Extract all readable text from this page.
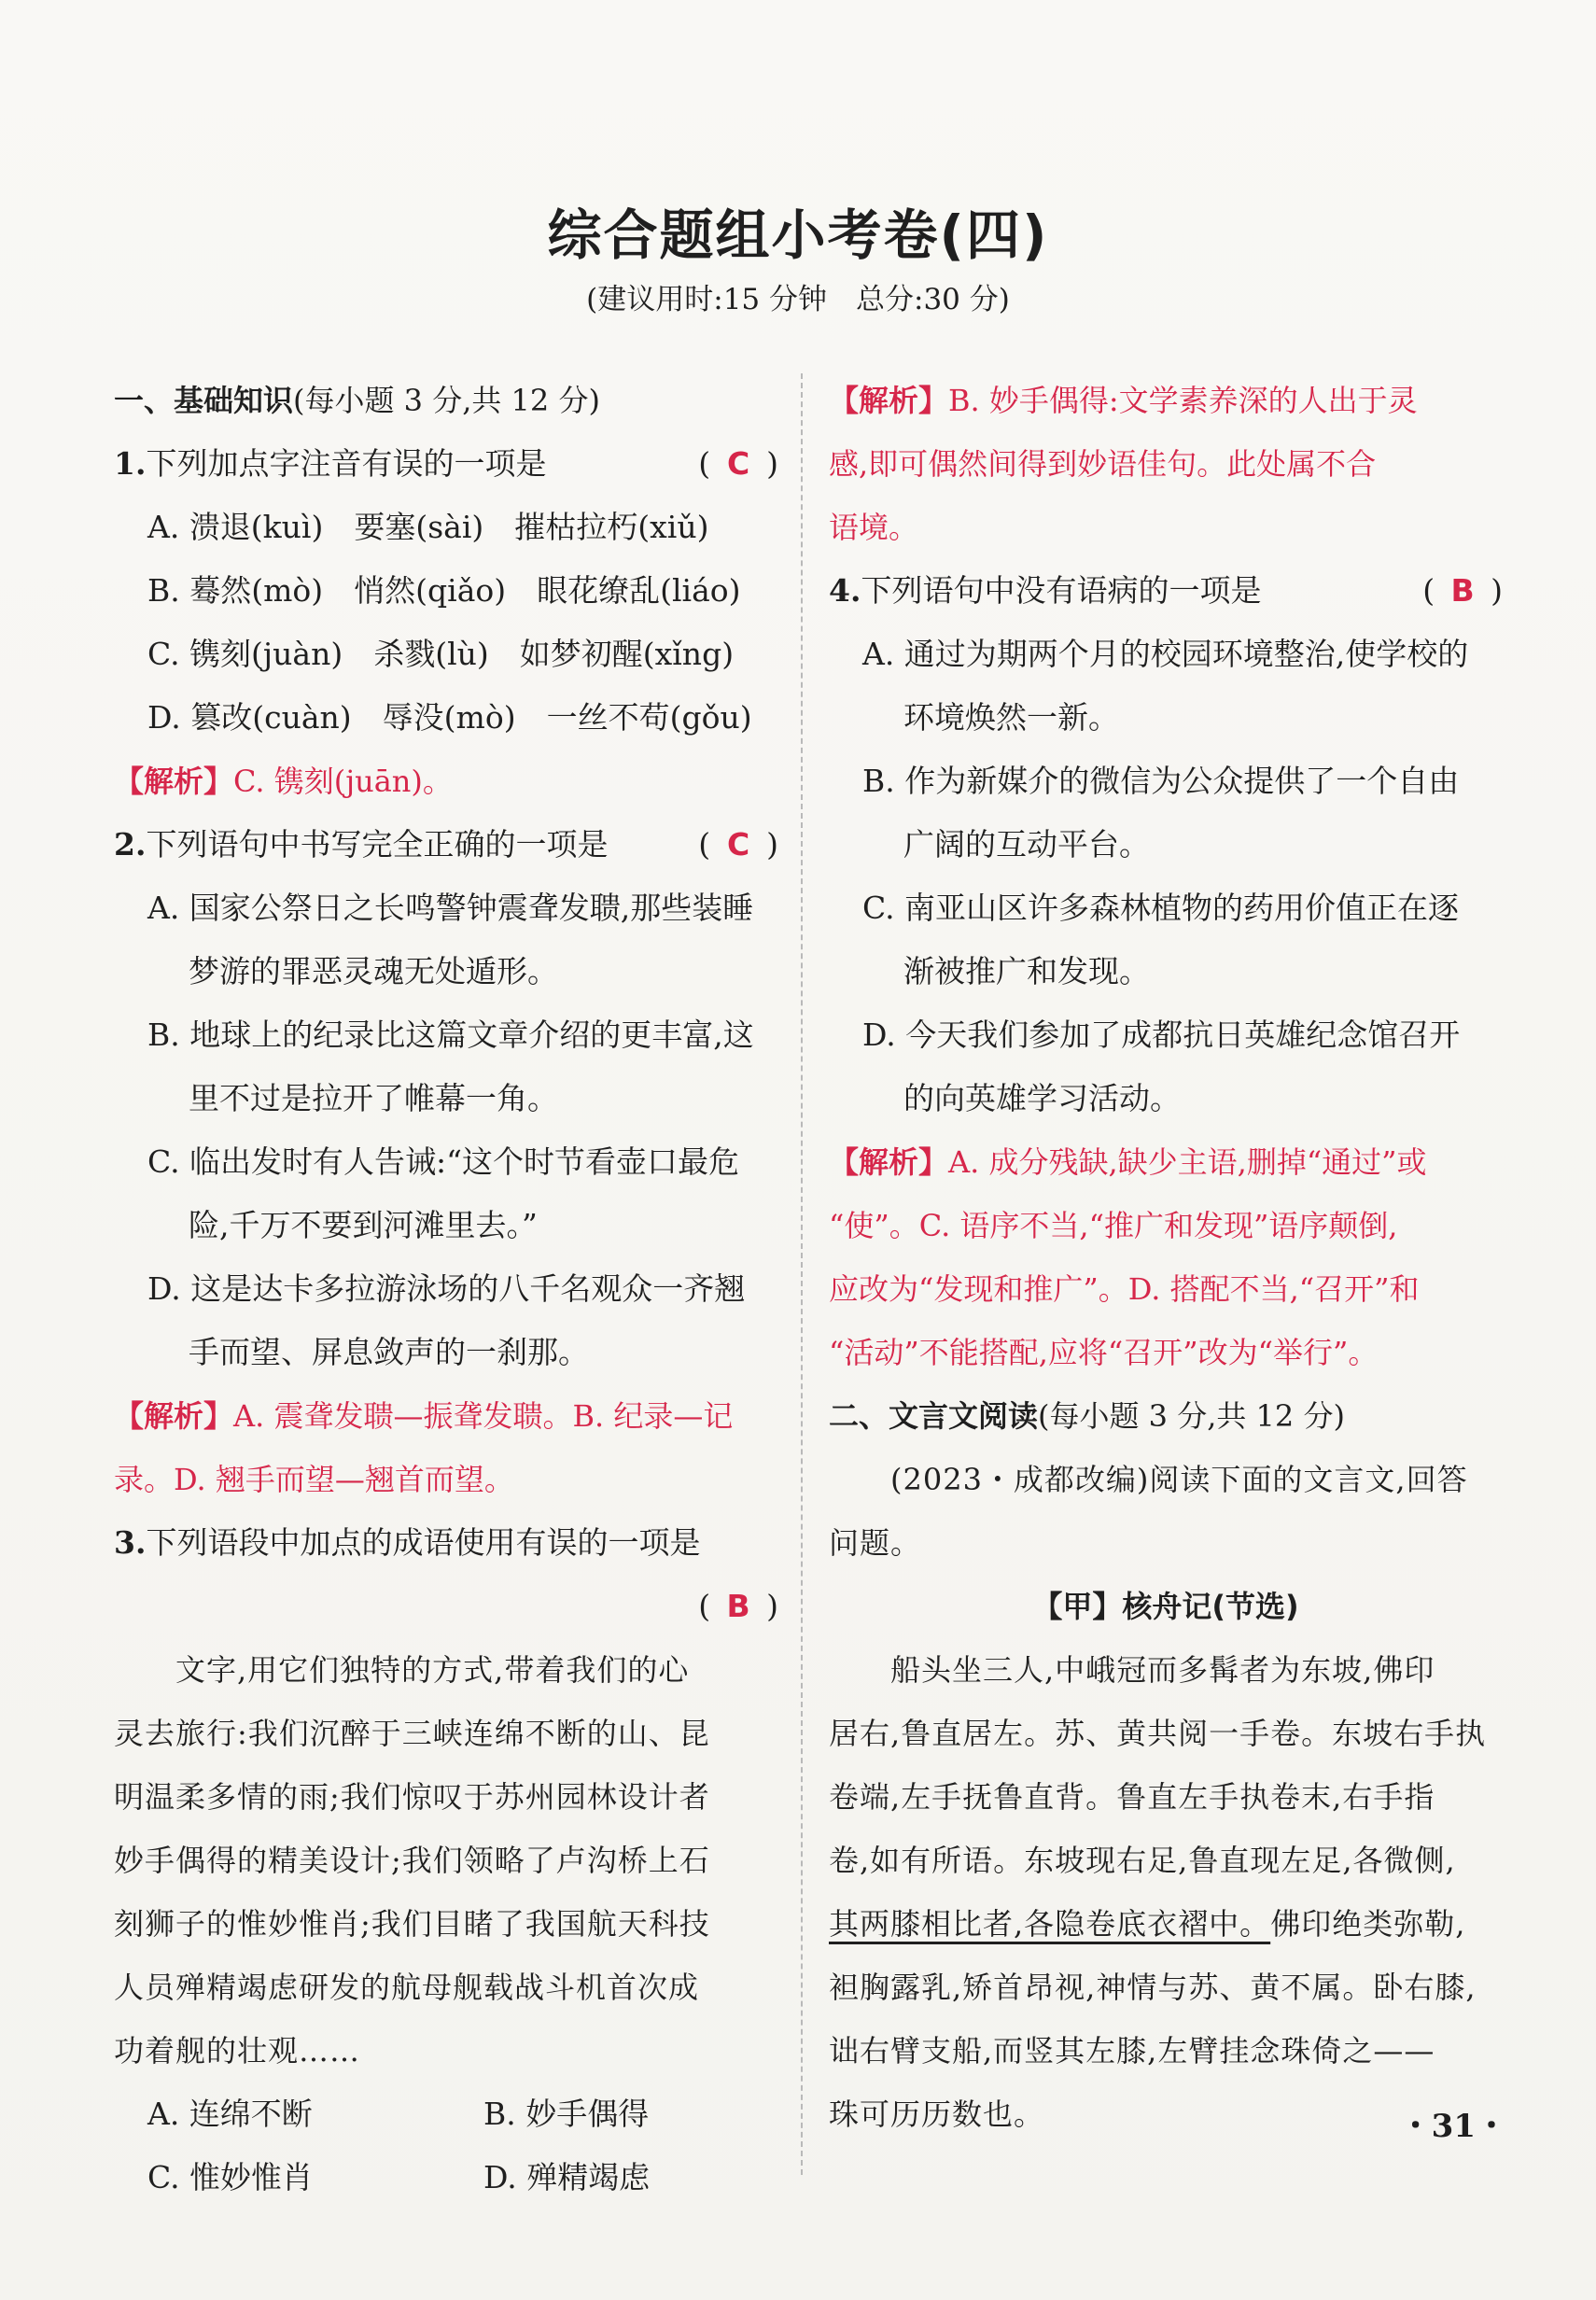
综合题组小考卷(四)
(建议用时:15 分钟　总分:30 分)
一、基础知识(每小题 3 分,共 12 分)
1.下列加点字注音有误的一项是	( C )
A. 溃退(kuì)　要塞(sài)　摧枯拉朽(xiǔ)
B. 蓦然(mò)　悄然(qiǎo)　眼花缭乱(liáo)
C. 镌刻(juàn)　杀戮(lù)　如梦初醒(xǐng)
D. 篡改(cuàn)　辱没(mò)　一丝不苟(gǒu)
【解析】C. 镌刻(juān)。
2.下列语句中书写完全正确的一项是	( C )
A. 国家公祭日之长鸣警钟震聋发聩,那些装睡
梦游的罪恶灵魂无处遁形。
B. 地球上的纪录比这篇文章介绍的更丰富,这
里不过是拉开了帷幕一角。
C. 临出发时有人告诫:“这个时节看壶口最危
险,千万不要到河滩里去。”
D. 这是达卡多拉游泳场的八千名观众一齐翘
手而望、屏息敛声的一刹那。
【解析】A. 震聋发聩—振聋发聩。B. 纪录—记
录。D. 翘手而望—翘首而望。
3.下列语段中加点的成语使用有误的一项是

( B )
文字,用它们独特的方式,带着我们的心
灵去旅行:我们沉醉于三峡连绵不断的山、昆
明温柔多情的雨;我们惊叹于苏州园林设计者
妙手偶得的精美设计;我们领略了卢沟桥上石
刻狮子的惟妙惟肖;我们目睹了我国航天科技
人员殚精竭虑研发的航母舰载战斗机首次成
功着舰的壮观……
A. 连绵不断	B. 妙手偶得
C. 惟妙惟肖	D. 殚精竭虑
【解析】B. 妙手偶得:文学素养深的人出于灵
感,即可偶然间得到妙语佳句。此处属不合
语境。
4.下列语句中没有语病的一项是	( B )
A. 通过为期两个月的校园环境整治,使学校的
环境焕然一新。
B. 作为新媒介的微信为公众提供了一个自由
广阔的互动平台。
C. 南亚山区许多森林植物的药用价值正在逐
渐被推广和发现。
D. 今天我们参加了成都抗日英雄纪念馆召开
的向英雄学习活动。
【解析】A. 成分残缺,缺少主语,删掉“通过”或
“使”。C. 语序不当,“推广和发现”语序颠倒,
应改为“发现和推广”。D. 搭配不当,“召开”和
“活动”不能搭配,应将“召开”改为“举行”。
二、文言文阅读(每小题 3 分,共 12 分)
(2023・成都改编)阅读下面的文言文,回答
问题。
【甲】核舟记(节选)
船头坐三人,中峨冠而多髯者为东坡,佛印
居右,鲁直居左。苏、黄共阅一手卷。东坡右手执
卷端,左手抚鲁直背。鲁直左手执卷末,右手指
卷,如有所语。东坡现右足,鲁直现左足,各微侧,
其两膝相比者,各隐卷底衣褶中。佛印绝类弥勒,
袒胸露乳,矫首昂视,神情与苏、黄不属。卧右膝,
诎右臂支船,而竖其左膝,左臂挂念珠倚之——
珠可历历数也。	・31・
